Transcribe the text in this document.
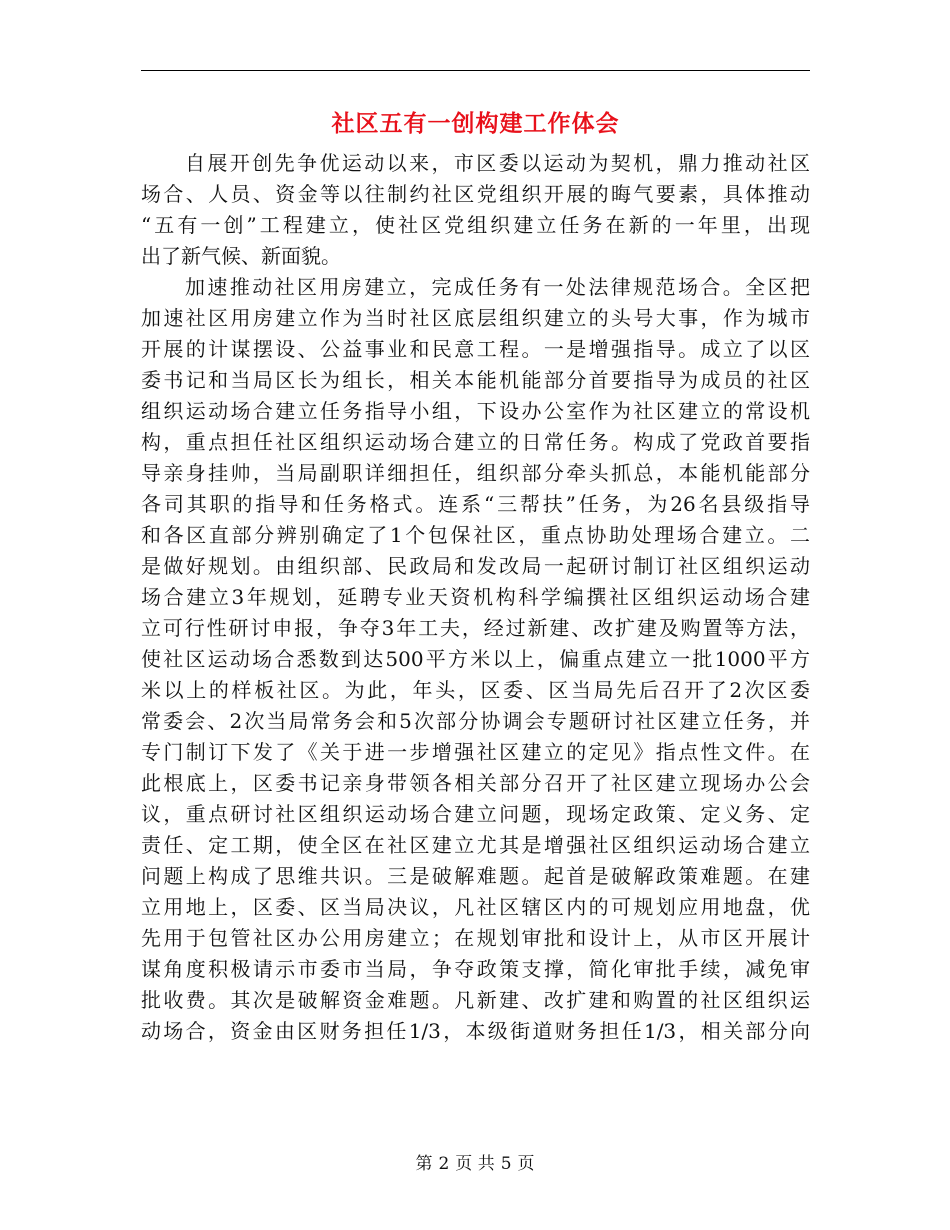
社区五有一创构建工作体会

自展开创先争优运动以来，市区委以运动为契机，鼎力推动社区
场合、人员、资金等以往制约社区党组织开展的晦气要素，具体推动
“五有一创”工程建立，使社区党组织建立任务在新的一年里，出现
出了新气候、新面貌。

加速推动社区用房建立，完成任务有一处法律规范场合。全区把
加速社区用房建立作为当时社区底层组织建立的头号大事，作为城市
开展的计谋摆设、公益事业和民意工程。一是增强指导。成立了以区
委书记和当局区长为组长，相关本能机能部分首要指导为成员的社区
组织运动场合建立任务指导小组，下设办公室作为社区建立的常设机
构，重点担任社区组织运动场合建立的日常任务。构成了党政首要指
导亲身挂帅，当局副职详细担任，组织部分牵头抓总，本能机能部分
各司其职的指导和任务格式。连系“三帮扶”任务，为26名县级指导
和各区直部分辨别确定了1个包保社区，重点协助处理场合建立。二
是做好规划。由组织部、民政局和发改局一起研讨制订社区组织运动
场合建立3年规划，延聘专业天资机构科学编撰社区组织运动场合建
立可行性研讨申报，争夺3年工夫，经过新建、改扩建及购置等方法，
使社区运动场合悉数到达500平方米以上，偏重点建立一批1000平方
米以上的样板社区。为此，年头，区委、区当局先后召开了2次区委
常委会、2次当局常务会和5次部分协调会专题研讨社区建立任务，并
专门制订下发了《关于进一步增强社区建立的定见》指点性文件。在
此根底上，区委书记亲身带领各相关部分召开了社区建立现场办公会
议，重点研讨社区组织运动场合建立问题，现场定政策、定义务、定
责任、定工期，使全区在社区建立尤其是增强社区组织运动场合建立
问题上构成了思维共识。三是破解难题。起首是破解政策难题。在建
立用地上，区委、区当局决议，凡社区辖区内的可规划应用地盘，优
先用于包管社区办公用房建立；在规划审批和设计上，从市区开展计
谋角度积极请示市委市当局，争夺政策支撑，简化审批手续，减免审
批收费。其次是破解资金难题。凡新建、改扩建和购置的社区组织运
动场合，资金由区财务担任1/3，本级街道财务担任1/3，相关部分向

第 2 页 共 5 页
